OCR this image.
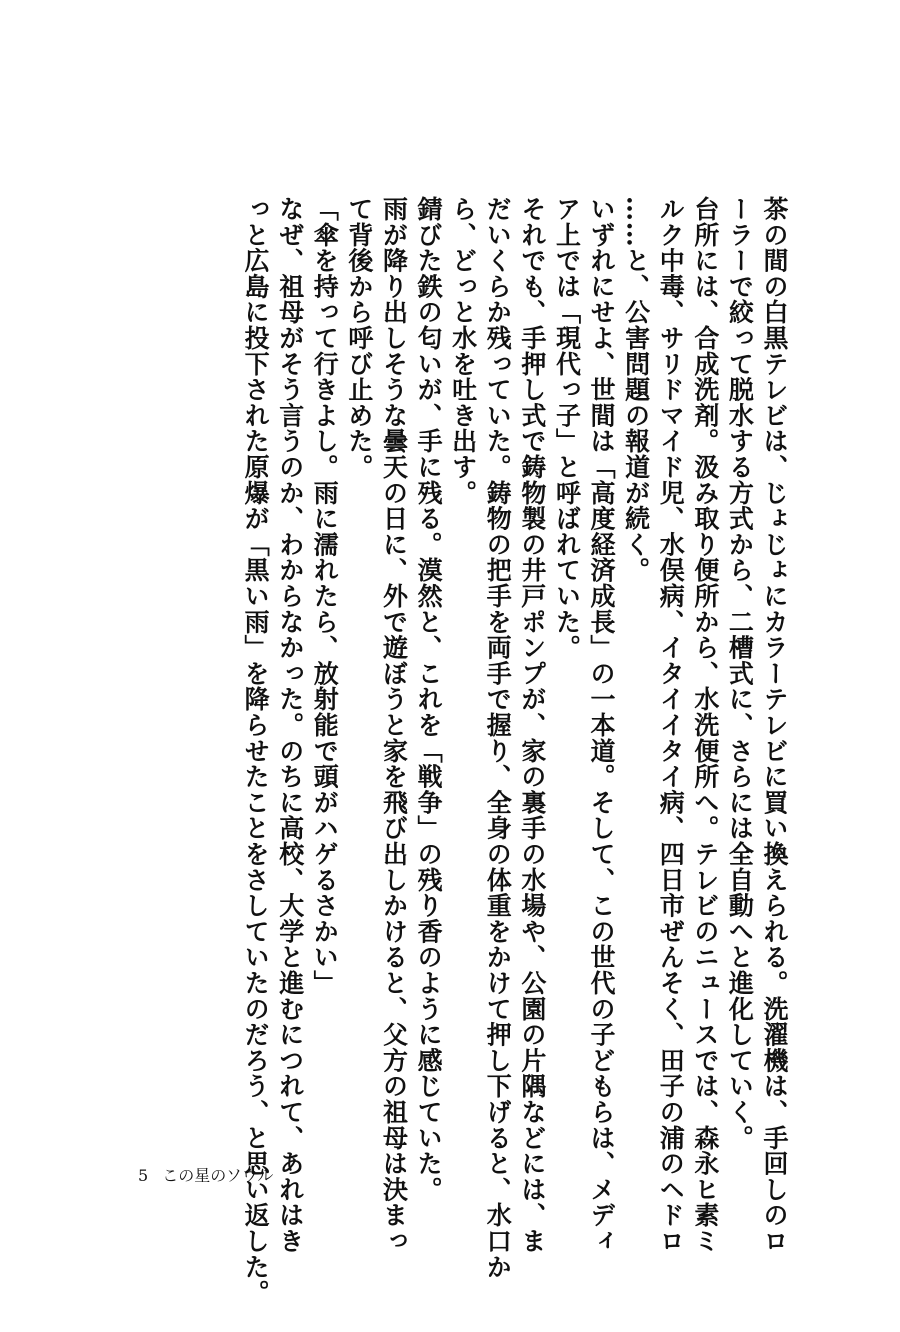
茶の間の白黒テレビは、じょじょにカラーテレビに買い換えられる。洗濯機は、手回しのロ
ーラーで絞って脱水する方式から、二槽式に、さらには全自動へと進化していく。
台所には、合成洗剤。汲み取り便所から、水洗便所へ。テレビのニュースでは、森永ヒ素ミ
ルク中毒、サリドマイド児、水俣病、イタイイタイ病、四日市ぜんそく、田子の浦のヘドロ
……と、公害問題の報道が続く。
いずれにせよ、世間は「高度経済成長」の一本道。そして、この世代の子どもらは、メディ
ア上では「現代っ子」と呼ばれていた。
それでも、手押し式で鋳物製の井戸ポンプが、家の裏手の水場や、公園の片隅などには、ま
だいくらか残っていた。鋳物の把手を両手で握り、全身の体重をかけて押し下げると、水口か
ら、どっと水を吐き出す。
錆びた鉄の匂いが、手に残る。漠然と、これを「戦争」の残り香のように感じていた。
雨が降り出しそうな曇天の日に、外で遊ぼうと家を飛び出しかけると、父方の祖母は決まっ
て背後から呼び止めた。
「傘を持って行きよし。雨に濡れたら、放射能で頭がハゲるさかい」
なぜ、祖母がそう言うのか、わからなかった。のちに高校、大学と進むにつれて、あれはき
っと広島に投下された原爆が「黒い雨」を降らせたことをさしていたのだろう、と思い返した。
5 この星のソウル
